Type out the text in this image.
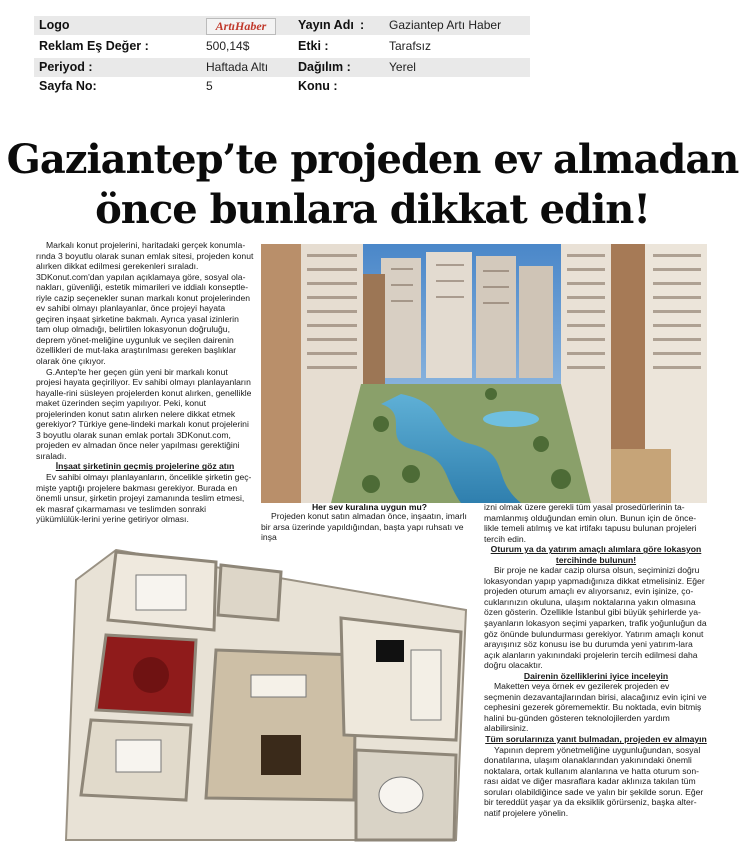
Logo	ArtıHaber	Yayın Adı : Gaziantep Artı Haber
Reklam Eş Değer :	500,14$	Etki :	Tarafsız
Periyod :	Haftada Altı Dağılım :	Yerel
Sayfa No:	5	Konu :
Gaziantep’te projeden ev almadan
önce bunlara dikkat edin!

Markalı konut projelerini, haritadaki gerçek konumla-rında 3 boyutlu olarak sunan emlak sitesi, projeden konut alırken dikkat edilmesi gerekenleri sıraladı.

3DKonut.com'dan yapılan açıklamaya göre, sosyal ola-nakları, güvenliği, estetik mimarileri ve iddialı konseptle-riyle cazip seçenekler sunan markalı konut projelerinden ev sahibi olmayı planlayanlar, önce projeyi hayata geçiren inşaat şirketine bakmalı. Ayrıca yasal izinlerin tam olup olmadığı, belirtilen lokasyonun doğruluğu, deprem yönet-meliğine uygunluk ve seçilen dairenin özellikleri de mut-laka araştırılması gereken başlıklar olarak öne çıkıyor.

G.Antep'te her geçen gün yeni bir markalı konut projesi hayata geçiriliyor. Ev sahibi olmayı planlayanların hayalle-rini süsleyen projelerden konut alırken, genellikle maket üzerinden seçim yapılıyor. Peki, konut projelerinden konut satın alırken nelere dikkat etmek gerekiyor? Türkiye gene-lindeki markalı konut projelerini 3 boyutlu olarak sunan emlak portalı 3DKonut.com, projeden ev almadan önce neler yapılması gerektiğini sıraladı.

İnşaat şirketinin geçmiş projelerine göz atın

Ev sahibi olmayı planlayanların, öncelikle şirketin geç-mişte yaptığı projelere bakması gerekiyor. Burada en önemli unsur, şirketin projeyi zamanında teslim etmesi, ek masraf çıkarmaması ve teslimden sonraki yükümlülük-lerini yerine getiriyor olması.

Her sev kuralına uygun mu?

Projeden konut satın almadan önce, inşaatın, imarlı bir arsa üzerinde yapıldığından, başta yapı ruhsatı ve inşa

izni olmak üzere gerekli tüm yasal prosedürlerinin ta-mamlanmış olduğundan emin olun. Bunun için de önce-likle temeli atılmış ve kat irtifakı tapusu bulunan projeleri tercih edin.

Oturum ya da yatırım amaçlı alımlara göre lokasyon tercihinde bulunun!

Bir proje ne kadar cazip olursa olsun, seçiminizi doğru lokasyondan yapıp yapmadığınıza dikkat etmelisiniz. Eğer projeden oturum amaçlı ev alıyorsanız, evin işinize, ço-cuklarınızın okuluna, ulaşım noktalarına yakın olmasına özen gösterin. Özellikle İstanbul gibi büyük şehirlerde ya-şayanların lokasyon seçimi yaparken, trafik yoğunluğun da göz önünde bulundurması gerekiyor. Yatırım amaçlı konut arayışınız söz konusu ise bu durumda yeni yatırım-lara açık alanların yakınındaki projelerin tercih edilmesi daha doğru olacaktır.

Dairenin özelliklerini iyice inceleyin

Maketten veya örnek ev gezilerek projeden ev seçmenin dezavantajlarından birisi, alacağınız evin içini ve cephesini gezerek görememektir. Bu noktada, evin bitmiş halini bu-günden gösteren teknolojilerden yardım alabilirsiniz.

Tüm sorularınıza yanıt bulmadan, projeden ev almayın

Yapının deprem yönetmeliğine uygunluğundan, sosyal donatılarına, ulaşım olanaklarından yakınındaki önemli noktalara, ortak kullanım alanlarına ve hatta oturum son-rası aidat ve diğer masraflara kadar aklınıza takılan tüm soruları olabildiğince sade ve yalın bir şekilde sorun. Eğer bir tereddüt yaşar ya da eksiklik görürseniz, başka alter-natif projelere yönelin.
